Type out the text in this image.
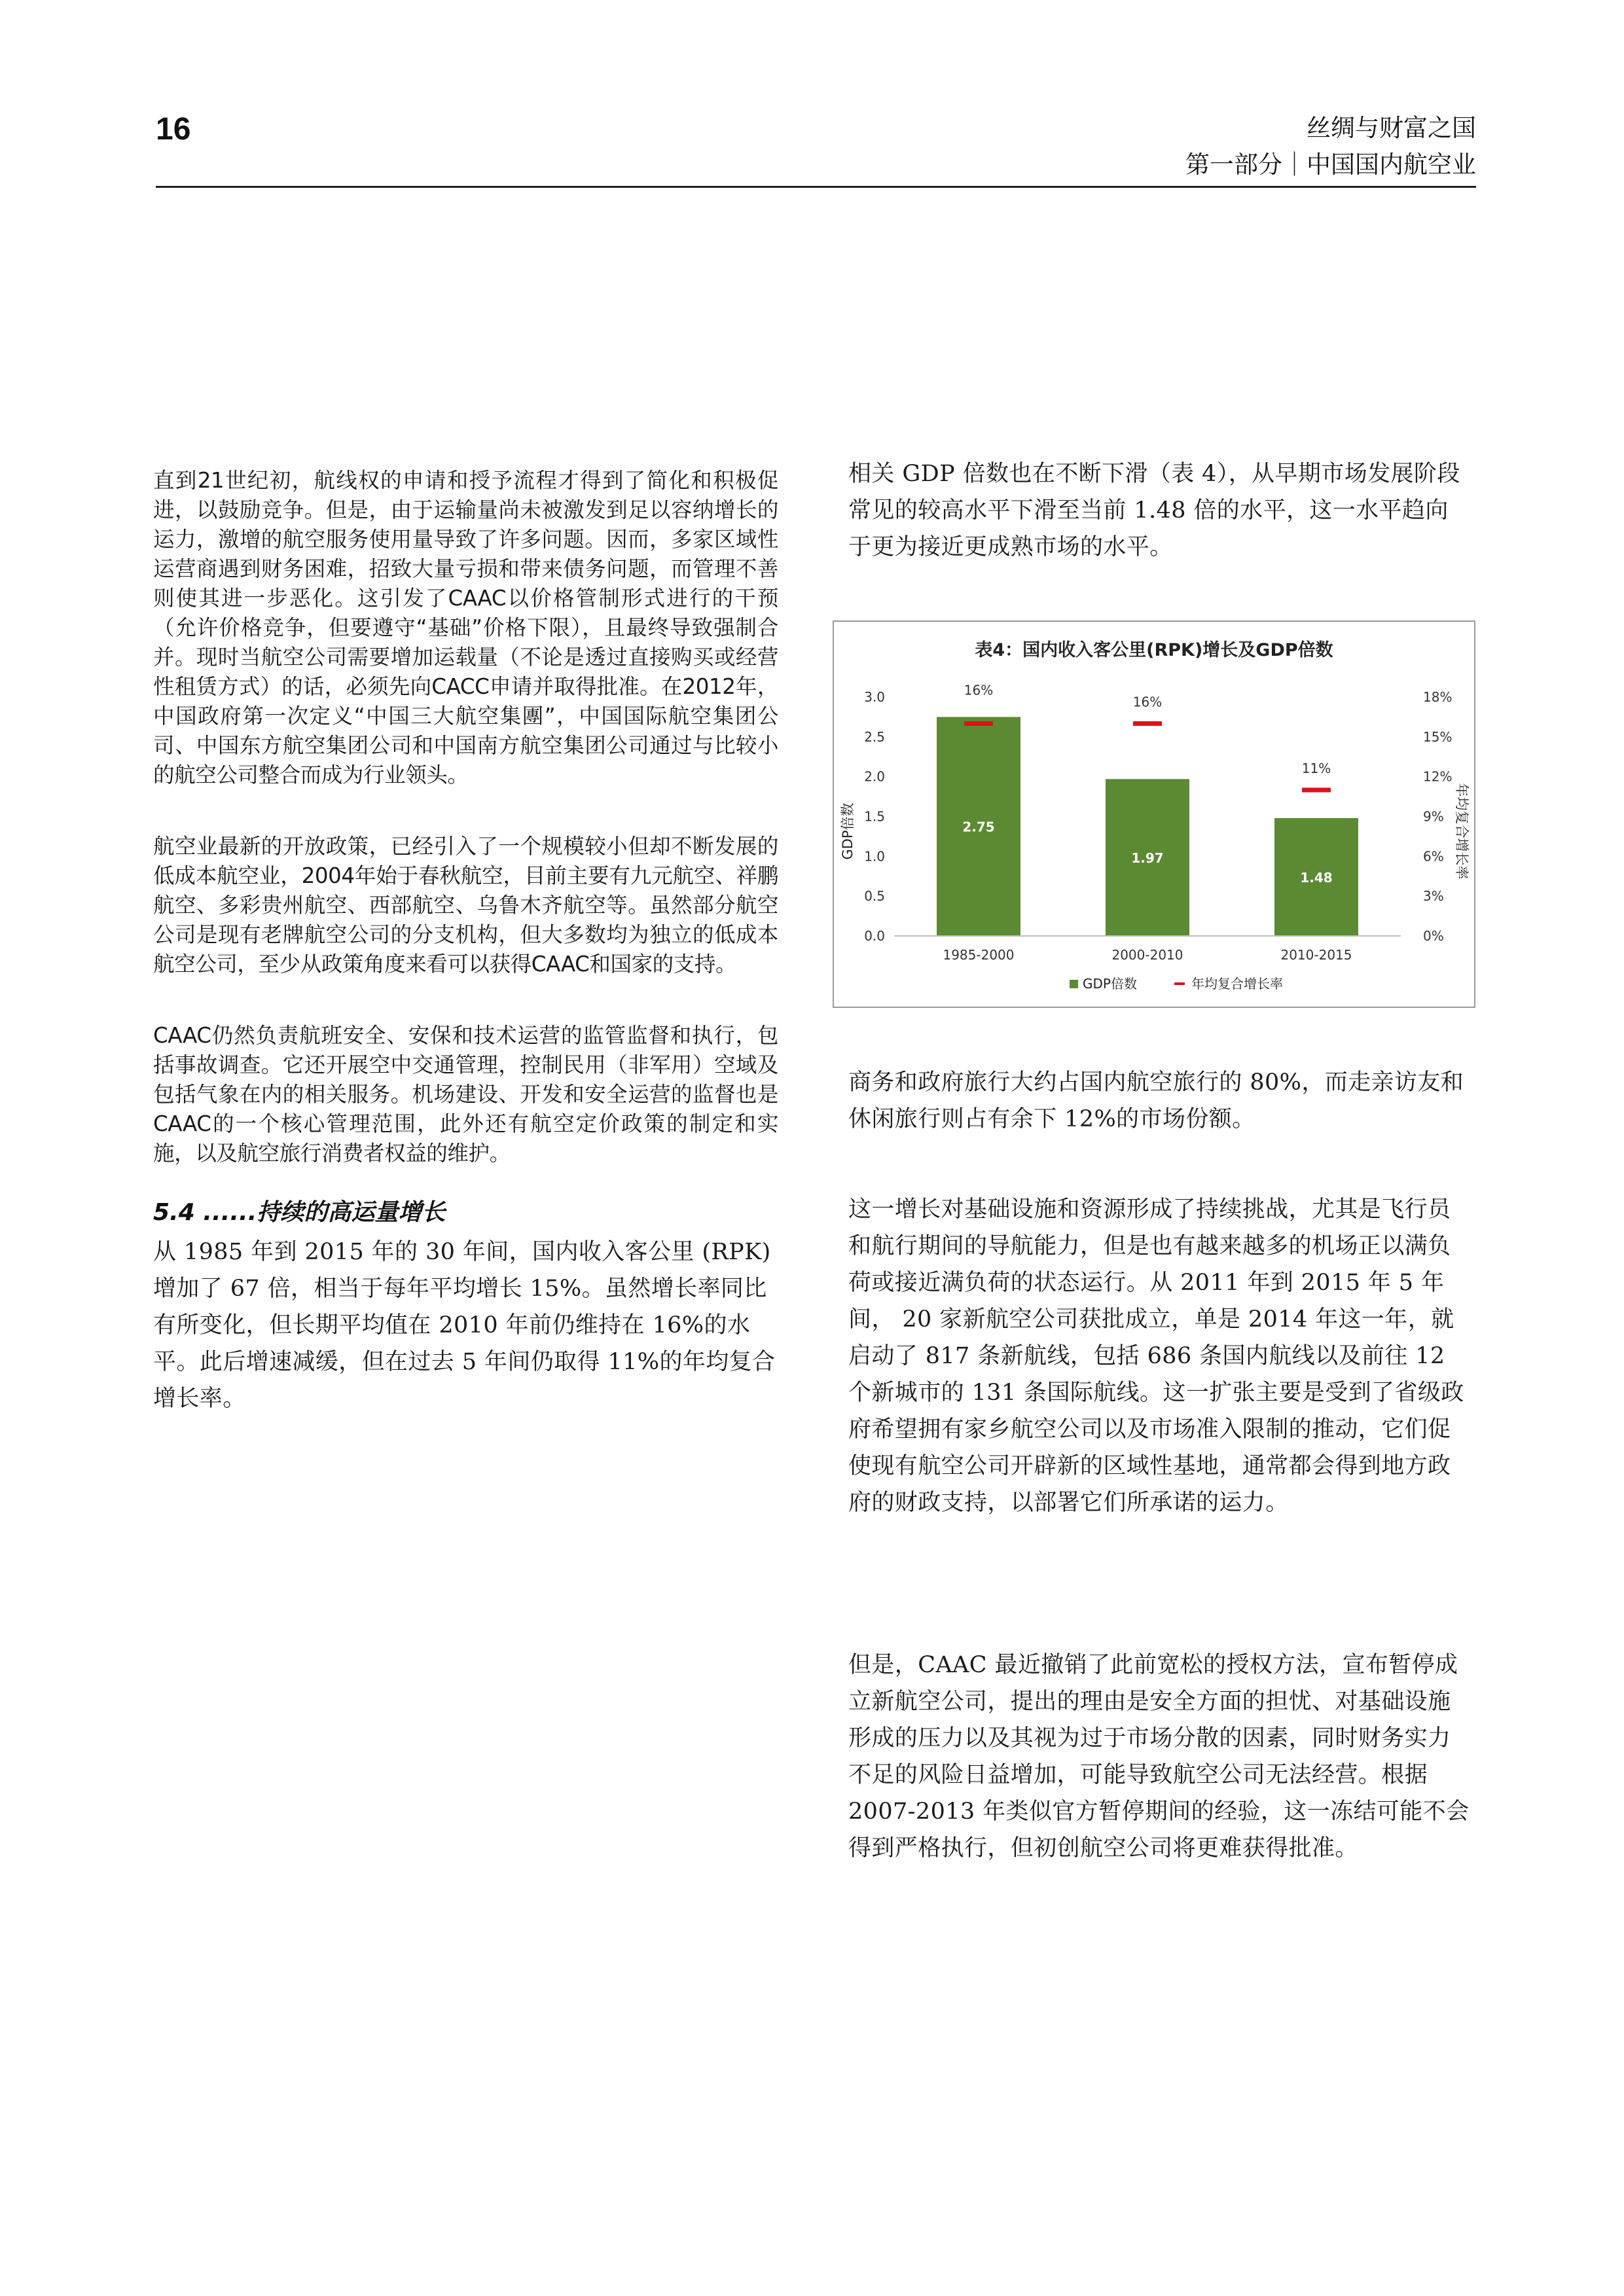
16	丝绸与财富之国
第一部分｜中国国内航空业

直到21世纪初，航线权的申请和授予流程才得到了简化和积极促进，以鼓励竞争。但是，由于运输量尚未被激发到足以容纳增长的运力，激增的航空服务使用量导致了许多问题。因而，多家区域性运营商遇到财务困难，招致大量亏损和带来债务问题，而管理不善则使其进一步恶化。这引发了CAAC以价格管制形式进行的干预（允许价格竞争，但要遵守“基础”价格下限），且最终导致强制合并。现时当航空公司需要增加运载量（不论是透过直接购买或经营性租赁方式）的话，必须先向CACC申请并取得批准。在2012年， 中国政府第一次定义“中国三大航空集團”，中国国际航空集团公司、中国东方航空集团公司和中国南方航空集团公司通过与比较小的航空公司整合而成为行业领头。

航空业最新的开放政策，已经引入了一个规模较小但却不断发展的低成本航空业，2004年始于春秋航空，目前主要有九元航空、祥鹏航空、多彩贵州航空、西部航空、乌鲁木齐航空等。虽然部分航空公司是现有老牌航空公司的分支机构，但大多数均为独立的低成本航空公司，至少从政策角度来看可以获得CAAC和国家的支持。

CAAC仍然负责航班安全、安保和技术运营的监管监督和执行，包括事故调查。它还开展空中交通管理，控制民用（非军用）空域及包括气象在内的相关服务。机场建设、开发和安全运营的监督也是CAAC的一个核心管理范围，此外还有航空定价政策的制定和实施，以及航空旅行消费者权益的维护。

5.4 ......持续的高运量增长

从 1985 年到 2015 年的 30 年间，国内收入客公里 (RPK)增加了 67 倍，相当于每年平均增长 15%。虽然增长率同比有所变化，但长期平均值在 2010 年前仍维持在 16%的水平。此后增速减缓，但在过去 5 年间仍取得 11%的年均复合增长率。

相关 GDP 倍数也在不断下滑（表 4），从早期市场发展阶段常见的较高水平下滑至当前 1.48 倍的水平，这一水平趋向于更为接近更成熟市场的水平。

表4：国内收入客公里(RPK)增长及GDP倍数
0.0
0.5
1.0
1.5
2.0
2.5
3.0
0%
3%
6%
9%
12%
15%
18%
2.75
1.97
1.48
16%
16%
11%
1985-2000	2000-2010	2010-2015
GDP倍数	年均复合增长率
GDP倍数	年均复合增长率

商务和政府旅行大约占国内航空旅行的 80%，而走亲访友和休闲旅行则占有余下 12%的市场份额。

这一增长对基础设施和资源形成了持续挑战，尤其是飞行员和航行期间的导航能力，但是也有越来越多的机场正以满负荷或接近满负荷的状态运行。从 2011 年到 2015 年 5 年间， 20 家新航空公司获批成立，单是 2014 年这一年，就启动了 817 条新航线，包括 686 条国内航线以及前往 12 个新城市的 131 条国际航线。这一扩张主要是受到了省级政府希望拥有家乡航空公司以及市场准入限制的推动，它们促使现有航空公司开辟新的区域性基地，通常都会得到地方政府的财政支持，以部署它们所承诺的运力。

但是，CAAC 最近撤销了此前宽松的授权方法，宣布暂停成立新航空公司，提出的理由是安全方面的担忧、对基础设施形成的压力以及其视为过于市场分散的因素，同时财务实力不足的风险日益增加，可能导致航空公司无法经营。根据 2007-2013 年类似官方暂停期间的经验，这一冻结可能不会得到严格执行，但初创航空公司将更难获得批准。
